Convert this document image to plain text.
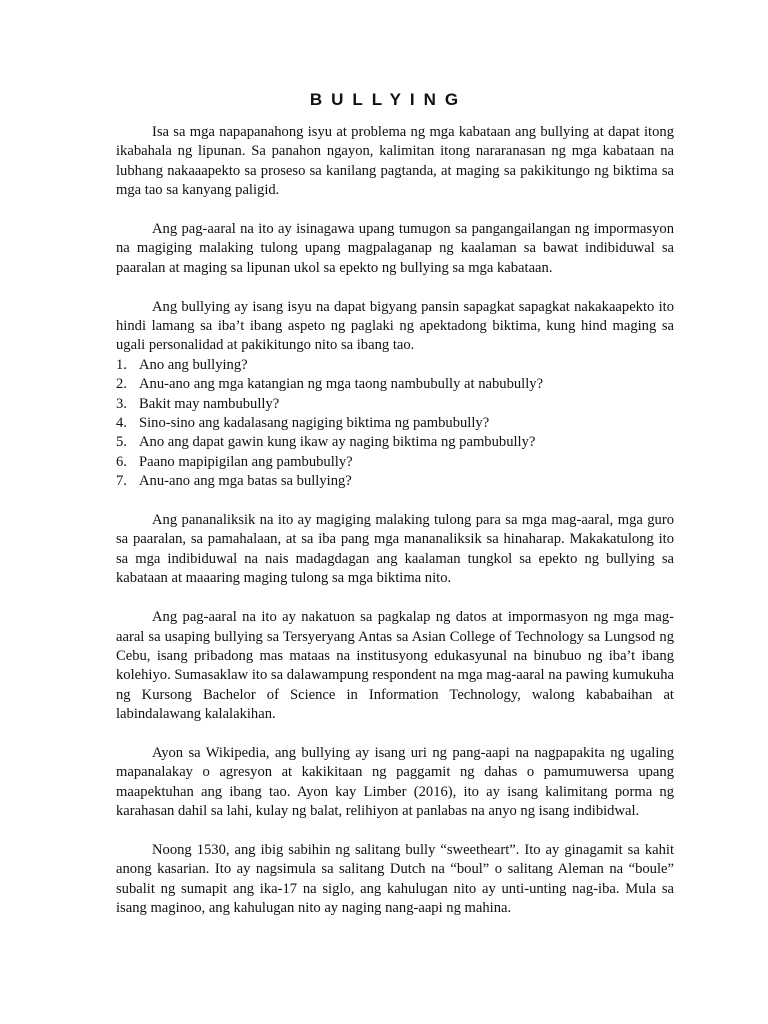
BULLYING

Isa sa mga napapanahong isyu at problema ng mga kabataan ang bullying at dapat itong ikabahala ng lipunan. Sa panahon ngayon, kalimitan itong nararanasan ng mga kabataan na lubhang nakaaapekto sa proseso sa kanilang pagtanda, at maging sa pakikitungo ng biktima sa mga tao sa kanyang paligid.

Ang pag-aaral na ito ay isinagawa upang tumugon sa pangangailangan ng impormasyon na magiging malaking tulong upang magpalaganap ng kaalaman sa bawat indibiduwal sa paaralan at maging sa lipunan ukol sa epekto ng bullying sa mga kabataan.

Ang bullying ay isang isyu na dapat bigyang pansin sapagkat sapagkat nakakaapekto ito hindi lamang sa iba’t ibang aspeto ng paglaki ng apektadong biktima, kung hind maging sa ugali personalidad at pakikitungo nito sa ibang tao.

1. Ano ang bullying?
2. Anu-ano ang mga katangian ng mga taong nambubully at nabubully?
3. Bakit may nambubully?
4. Sino-sino ang kadalasang nagiging biktima ng pambubully?
5. Ano ang dapat gawin kung ikaw ay naging biktima ng pambubully?
6. Paano mapipigilan ang pambubully?
7. Anu-ano ang mga batas sa bullying?

Ang pananaliksik na ito ay magiging malaking tulong para sa mga mag-aaral, mga guro sa paaralan, sa pamahalaan, at sa iba pang mga mananaliksik sa hinaharap. Makakatulong ito sa mga indibiduwal na nais madagdagan ang kaalaman tungkol sa epekto ng bullying sa kabataan at maaaring maging tulong sa mga biktima nito.

Ang pag-aaral na ito ay nakatuon sa pagkalap ng datos at impormasyon ng mga mag-aaral sa usaping bullying sa Tersyeryang Antas sa Asian College of Technology sa Lungsod ng Cebu, isang pribadong mas mataas na institusyong edukasyunal na binubuo ng iba’t ibang kolehiyo. Sumasaklaw ito sa dalawampung respondent na mga mag-aaral na pawing kumukuha ng Kursong Bachelor of Science in Information Technology, walong kababaihan at labindalawang kalalakihan.

Ayon sa Wikipedia, ang bullying ay isang uri ng pang-aapi na nagpapakita ng ugaling mapanalakay o agresyon at kakikitaan ng paggamit ng dahas o pamumuwersa upang maapektuhan ang ibang tao. Ayon kay Limber (2016), ito ay isang kalimitang porma ng karahasan dahil sa lahi, kulay ng balat, relihiyon at panlabas na anyo ng isang indibidwal.

Noong 1530, ang ibig sabihin ng salitang bully “sweetheart”. Ito ay ginagamit sa kahit anong kasarian. Ito ay nagsimula sa salitang Dutch na “boul” o salitang Aleman na “boule” subalit ng sumapit ang ika-17 na siglo, ang kahulugan nito ay unti-unting nag-iba. Mula sa isang maginoo, ang kahulugan nito ay naging nang-aapi ng mahina.
